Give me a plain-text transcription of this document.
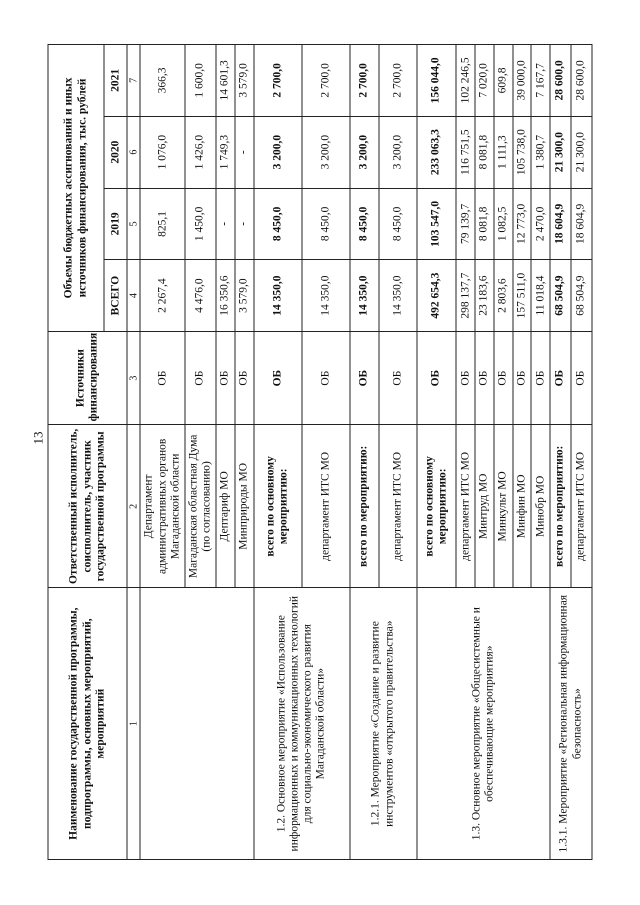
13
Наименование государственной программы, подпрограммы, основных мероприятий, мероприятий	Ответственный исполнитель, соисполнитель, участник государственной программы	Источники финансирования	Объемы бюджетных ассигнований и иных источников финансирования, тыс. рублей			
			ВСЕГО	2019	2020	2021
1	2	3	4	5	6	7
	Департамент административных органов Магаданской области	ОБ	2 267,4	825,1	1 076,0	366,3
	Магаданская областная Дума (по согласованию)	ОБ	4 476,0	1 450,0	1 426,0	1 600,0
	Дептариф МО	ОБ	16 350,6	-	1 749,3	14 601,3
	Минприроды МО	ОБ	3 579,0	-	-	3 579,0
1.2. Основное мероприятие «Использование информационных и коммуникационных технологий для социально-экономического развития Магаданской области»	всего по основному мероприятию:	ОБ	14 350,0	8 450,0	3 200,0	2 700,0
	департамент ИТС МО	ОБ	14 350,0	8 450,0	3 200,0	2 700,0
1.2.1. Мероприятие «Создание и развитие инструментов «открытого правительства»	всего по мероприятию:	ОБ	14 350,0	8 450,0	3 200,0	2 700,0
	департамент ИТС МО	ОБ	14 350,0	8 450,0	3 200,0	2 700,0
1.3. Основное мероприятие «Общесистемные и обеспечивающие мероприятия»	всего по основному мероприятию:	ОБ	492 654,3	103 547,0	233 063,3	156 044,0
	департамент ИТС МО	ОБ	298 137,7	79 139,7	116 751,5	102 246,5
	Минтруд МО	ОБ	23 183,6	8 081,8	8 081,8	7 020,0
	Минкульт МО	ОБ	2 803,6	1 082,5	1 111,3	609,8
	Минфин МО	ОБ	157 511,0	12 773,0	105 738,0	39 000,0
	Минобр МО	ОБ	11 018,4	2 470,0	1 380,7	7 167,7
1.3.1. Мероприятие «Региональная информационная безопасность»	всего по мероприятию:	ОБ	68 504,9	18 604,9	21 300,0	28 600,0
	департамент ИТС МО	ОБ	68 504,9	18 604,9	21 300,0	28 600,0
